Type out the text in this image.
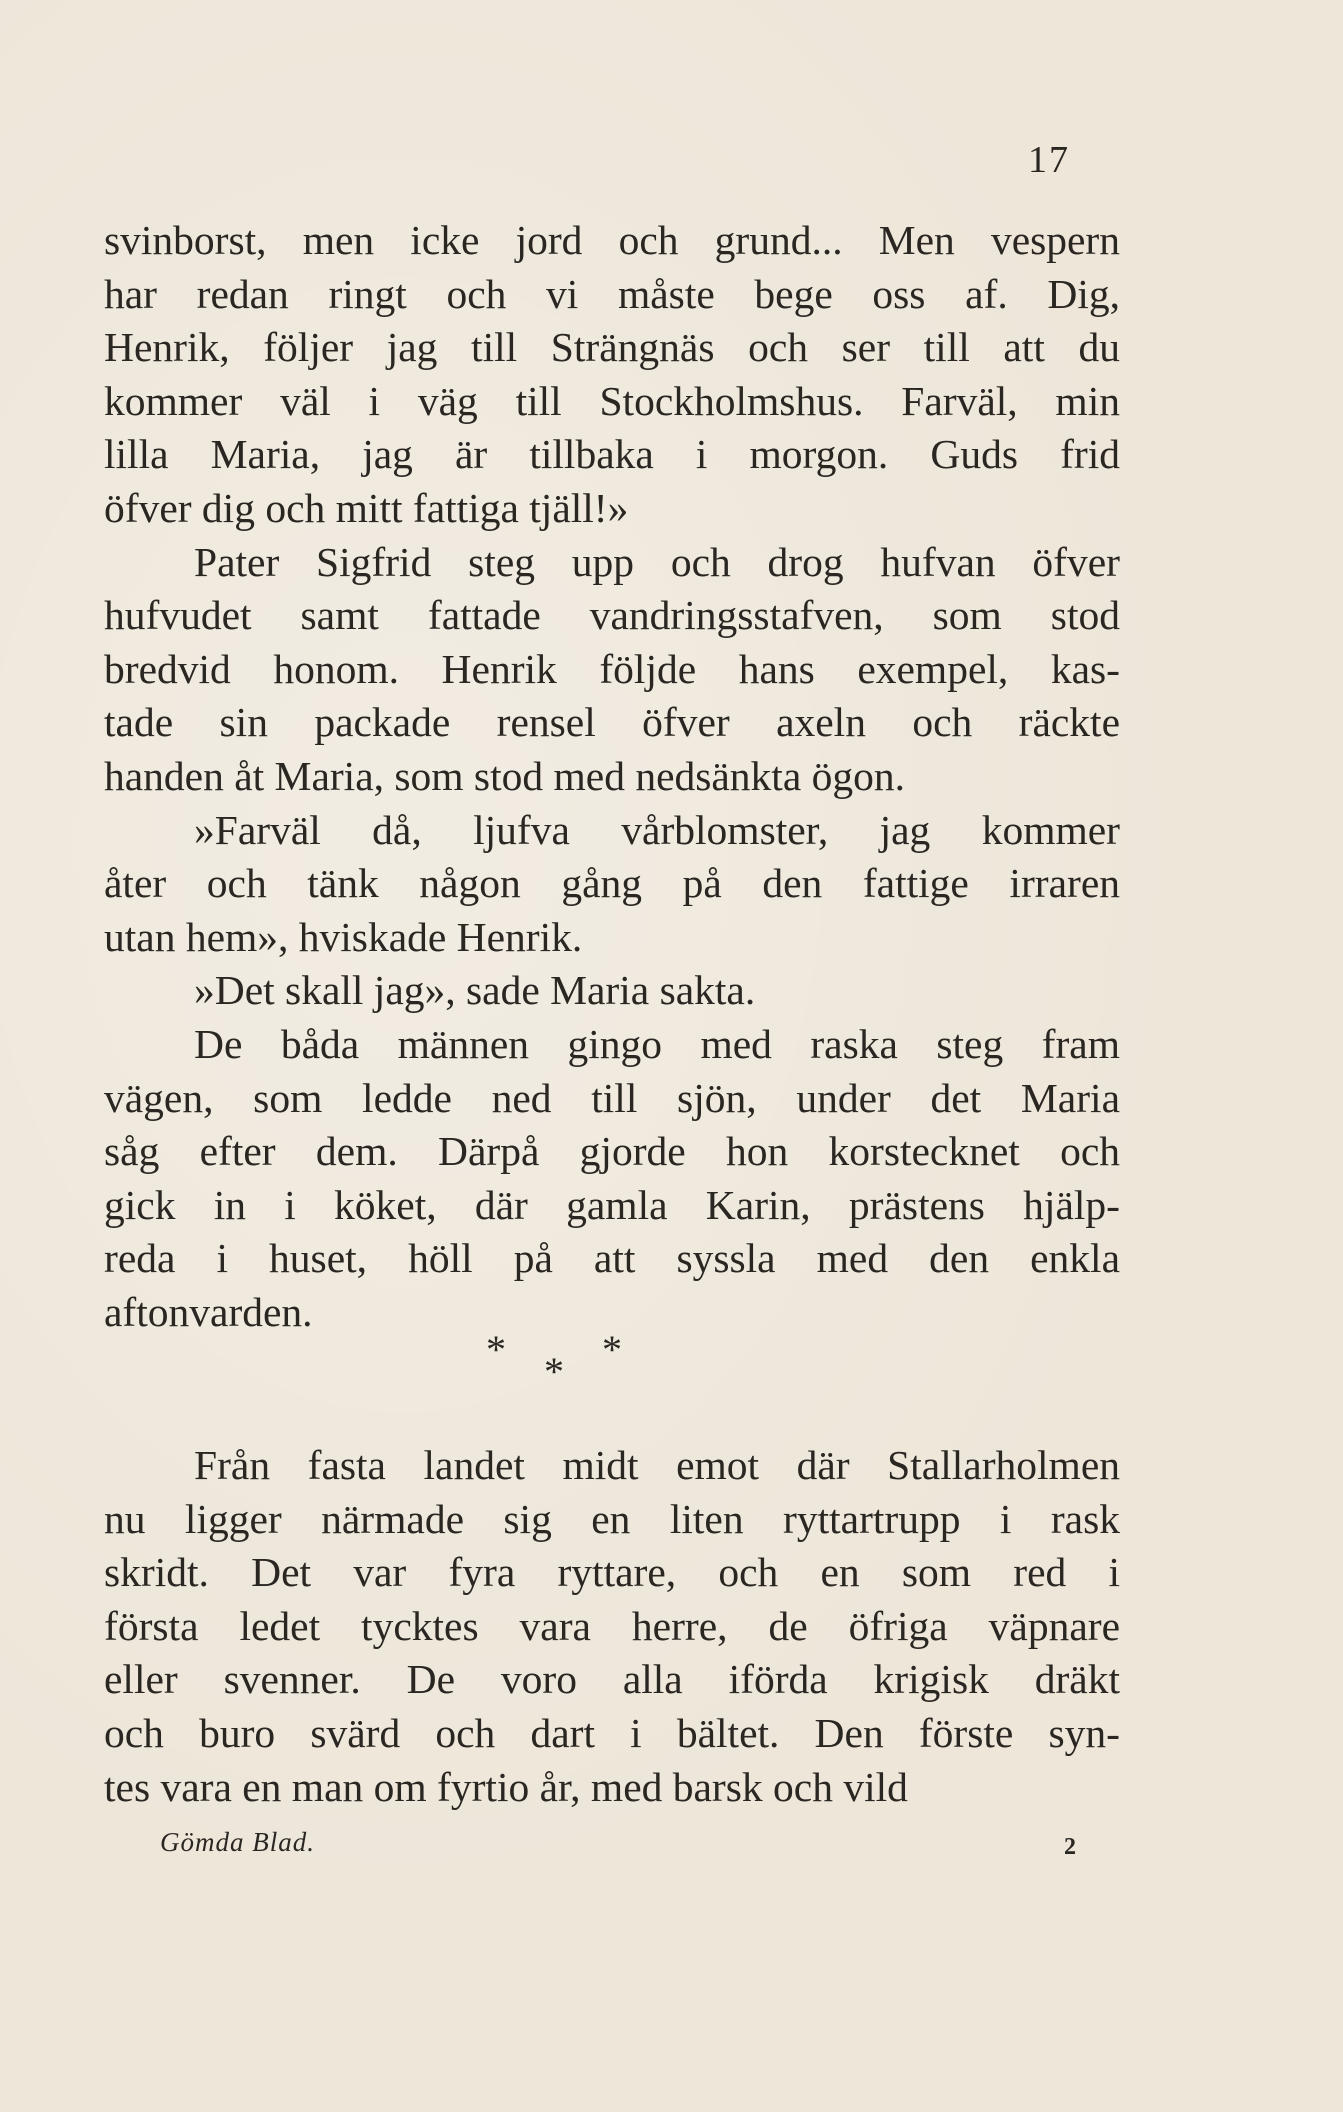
17
svinborst, men icke jord och grund... Men vespern
har redan ringt och vi måste bege oss af. Dig,
Henrik, följer jag till Strängnäs och ser till att du
kommer väl i väg till Stockholmshus. Farväl, min
lilla Maria, jag är tillbaka i morgon. Guds frid
öfver dig och mitt fattiga tjäll!»
Pater Sigfrid steg upp och drog hufvan öfver
hufvudet samt fattade vandringsstafven, som stod
bredvid honom. Henrik följde hans exempel, kas-
tade sin packade rensel öfver axeln och räckte
handen åt Maria, som stod med nedsänkta ögon.
»Farväl då, ljufva vårblomster, jag kommer
åter och tänk någon gång på den fattige irraren
utan hem», hviskade Henrik.
»Det skall jag», sade Maria sakta.
De båda männen gingo med raska steg fram
vägen, som ledde ned till sjön, under det Maria
såg efter dem. Därpå gjorde hon korstecknet och
gick in i köket, där gamla Karin, prästens hjälp-
reda i huset, höll på att syssla med den enkla
aftonvarden.
* *
*
Från fasta landet midt emot där Stallarholmen
nu ligger närmade sig en liten ryttartrupp i rask
skridt. Det var fyra ryttare, och en som red i
första ledet tycktes vara herre, de öfriga väpnare
eller svenner. De voro alla iförda krigisk dräkt
och buro svärd och dart i bältet. Den förste syn-
tes vara en man om fyrtio år, med barsk och vild
Gömda Blad.	2
